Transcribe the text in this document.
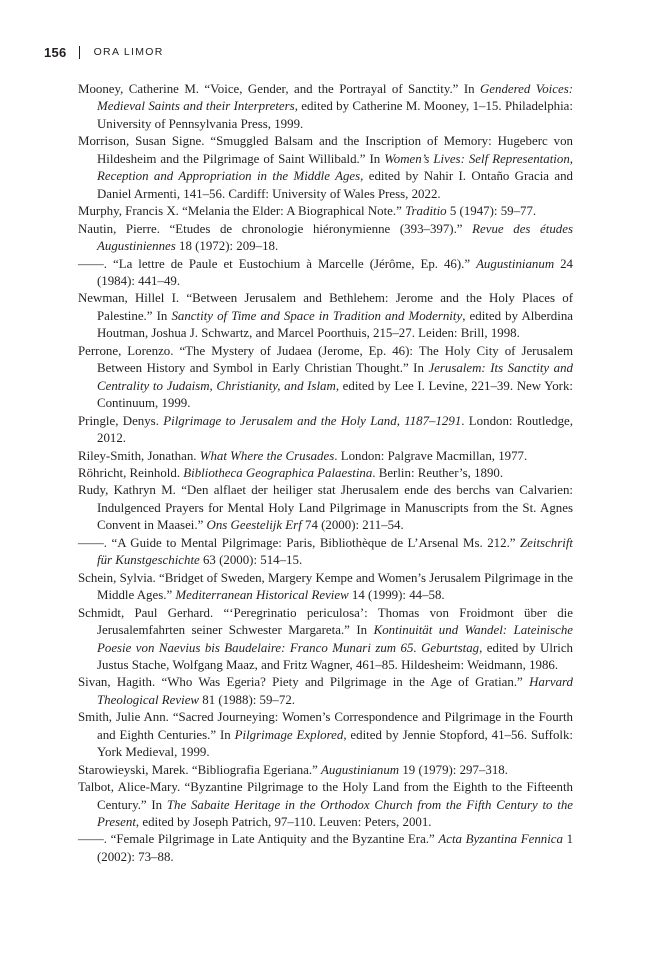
156	ORA LIMOR

Mooney, Catherine M. “Voice, Gender, and the Portrayal of Sanctity.” In Gendered Voices: Medieval Saints and their Interpreters, edited by Catherine M. Mooney, 1–15. Philadelphia: University of Pennsylvania Press, 1999.

Morrison, Susan Signe. “Smuggled Balsam and the Inscription of Memory: Hugeberc von Hildesheim and the Pilgrimage of Saint Willibald.” In Women’s Lives: Self Representation, Reception and Appropriation in the Middle Ages, edited by Nahir I. Ontaño Gracia and Daniel Armenti, 141–56. Cardiff: University of Wales Press, 2022.

Murphy, Francis X. “Melania the Elder: A Biographical Note.” Traditio 5 (1947): 59–77.

Nautin, Pierre. “Etudes de chronologie hiéronymienne (393–397).” Revue des études Augustiniennes 18 (1972): 209–18.

——. “La lettre de Paule et Eustochium à Marcelle (Jérôme, Ep. 46).” Augustinianum 24 (1984): 441–49.

Newman, Hillel I. “Between Jerusalem and Bethlehem: Jerome and the Holy Places of Palestine.” In Sanctity of Time and Space in Tradition and Modernity, edited by Alberdina Houtman, Joshua J. Schwartz, and Marcel Poorthuis, 215–27. Leiden: Brill, 1998.

Perrone, Lorenzo. “The Mystery of Judaea (Jerome, Ep. 46): The Holy City of Jerusalem Between History and Symbol in Early Christian Thought.” In Jerusalem: Its Sanctity and Centrality to Judaism, Christianity, and Islam, edited by Lee I. Levine, 221–39. New York: Continuum, 1999.

Pringle, Denys. Pilgrimage to Jerusalem and the Holy Land, 1187–1291. London: Routledge, 2012.

Riley-Smith, Jonathan. What Where the Crusades. London: Palgrave Macmillan, 1977.

Röhricht, Reinhold. Bibliotheca Geographica Palaestina. Berlin: Reuther’s, 1890.

Rudy, Kathryn M. “Den alflaet der heiliger stat Jherusalem ende des berchs van Calvarien: Indulgenced Prayers for Mental Holy Land Pilgrimage in Manuscripts from the St. Agnes Convent in Maasei.” Ons Geestelijk Erf 74 (2000): 211–54.

——. “A Guide to Mental Pilgrimage: Paris, Bibliothèque de L’Arsenal Ms. 212.” Zeitschrift für Kunstgeschichte 63 (2000): 514–15.

Schein, Sylvia. “Bridget of Sweden, Margery Kempe and Women’s Jerusalem Pilgrimage in the Middle Ages.” Mediterranean Historical Review 14 (1999): 44–58.

Schmidt, Paul Gerhard. “‘Peregrinatio periculosa’: Thomas von Froidmont über die Jerusalemfahrten seiner Schwester Margareta.” In Kontinuität und Wandel: Lateinische Poesie von Naevius bis Baudelaire: Franco Munari zum 65. Geburtstag, edited by Ulrich Justus Stache, Wolfgang Maaz, and Fritz Wagner, 461–85. Hildesheim: Weidmann, 1986.

Sivan, Hagith. “Who Was Egeria? Piety and Pilgrimage in the Age of Gratian.” Harvard Theological Review 81 (1988): 59–72.

Smith, Julie Ann. “Sacred Journeying: Women’s Correspondence and Pilgrimage in the Fourth and Eighth Centuries.” In Pilgrimage Explored, edited by Jennie Stopford, 41–56. Suffolk: York Medieval, 1999.

Starowieyski, Marek. “Bibliografia Egeriana.” Augustinianum 19 (1979): 297–318.

Talbot, Alice-Mary. “Byzantine Pilgrimage to the Holy Land from the Eighth to the Fifteenth Century.” In The Sabaite Heritage in the Orthodox Church from the Fifth Century to the Present, edited by Joseph Patrich, 97–110. Leuven: Peters, 2001.

——. “Female Pilgrimage in Late Antiquity and the Byzantine Era.” Acta Byzantina Fennica 1 (2002): 73–88.
